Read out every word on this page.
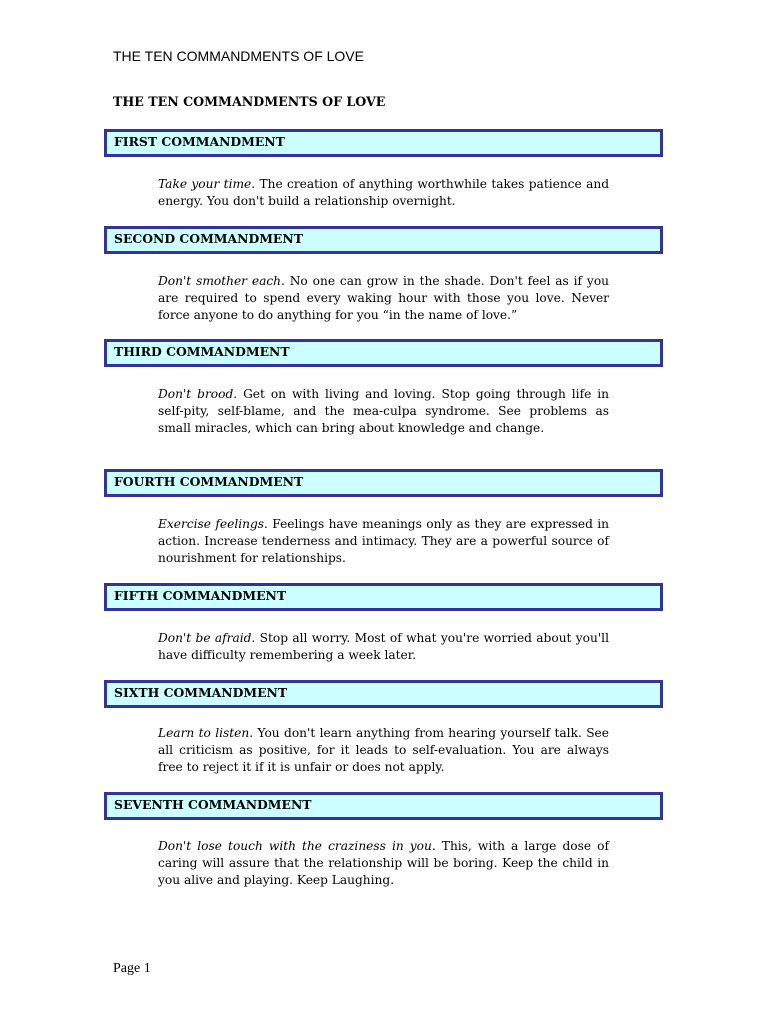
THE TEN COMMANDMENTS OF LOVE
THE TEN COMMANDMENTS OF LOVE
FIRST COMMANDMENT
Take your time. The creation of anything worthwhile takes patience and energy. You don't build a relationship overnight.
SECOND COMMANDMENT
Don't smother each. No one can grow in the shade. Don't feel as if you are required to spend every waking hour with those you love. Never force anyone to do anything for you “in the name of love.”
THIRD COMMANDMENT
Don't brood. Get on with living and loving. Stop going through life in self-pity, self-blame, and the mea-culpa syndrome. See problems as small miracles, which can bring about knowledge and change.
FOURTH COMMANDMENT
Exercise feelings. Feelings have meanings only as they are expressed in action. Increase tenderness and intimacy. They are a powerful source of nourishment for relationships.
FIFTH COMMANDMENT
Don't be afraid. Stop all worry. Most of what you're worried about you'll have difficulty remembering a week later.
SIXTH COMMANDMENT
Learn to listen. You don't learn anything from hearing yourself talk. See all criticism as positive, for it leads to self-evaluation. You are always free to reject it if it is unfair or does not apply.
SEVENTH COMMANDMENT
Don't lose touch with the craziness in you. This, with a large dose of caring will assure that the relationship will be boring. Keep the child in you alive and playing. Keep Laughing.
Page 1
